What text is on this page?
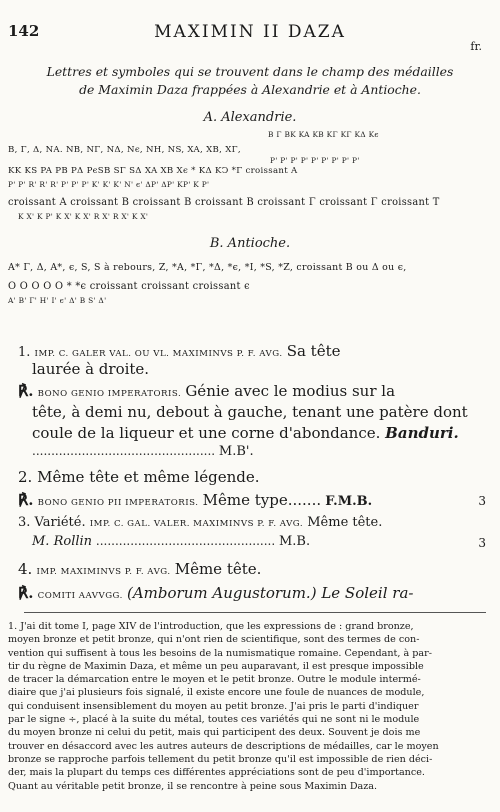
142	MAXIMIN II DAZA
fr.
Lettres et symboles qui se trouvent dans le champ des médailles
de Maximin Daza frappées à Alexandrie et à Antioche.
A. Alexandrie.
B Γ BK KA KB KΓ KΓ KΔ Kϵ
B, Γ, Δ, NA. NB, NΓ, NΔ, Nϵ, NH, NS, XA, XB, XΓ,
P' P' P' P' P' P' P' P' P'
KK KS PA PB PΔ PϵSB SΓ SΔ XA XB Xϵ * KΔ KϽ *Γ croissant A
P' P' R' R' R' P' P' P' K' K' K' N' ϵ' ΔP' ΔP' KP' K P'
croissant A croissant B croissant B croissant B croissant Γ croissant Γ croissant T
K X' K P' K X' K X' R X' R X' K X'
B. Antioche.
A* Γ, Δ, A*, ϵ, S, S à rebours, Z, *A, *Γ, *Δ, *ϵ, *I, *S, *Z, croissant B ou Δ ou ϵ,
O O O O O * *ϵ croissant croissant croissant ϵ
A' B' Γ' H' I' ϵ' Δ' B S' Δ'
1. IMP. C. GALER VAL. OU VL. MAXIMINVS P. F. AVG. Sa tête
laurée à droite.
℟. BONO GENIO IMPERATORIS. Génie avec le modius sur la
tête, à demi nu, debout à gauche, tenant une patère dont
coule de la liqueur et une corne d'abondance. Banduri.
................................................ M.B'.
2. Même tête et même légende.
℟. BONO GENIO PII IMPERATORIS. Même type....... F.M.B.	3
3. Variété. IMP. C. GAL. VALER. MAXIMINVS P. F. AVG. Même tête.
M. Rollin ............................................... M.B.	3
4. IMP. MAXIMINVS P. F. AVG. Même tête.
℟. COMITI AAVVGG. (Amborum Augustorum.) Le Soleil ra-
1. J'ai dit tome I, page XIV de l'introduction, que les expressions de : grand bronze,
moyen bronze et petit bronze, qui n'ont rien de scientifique, sont des termes de con-
vention qui suffisent à tous les besoins de la numismatique romaine. Cependant, à par-
tir du règne de Maximin Daza, et même un peu auparavant, il est presque impossible
de tracer la démarcation entre le moyen et le petit bronze. Outre le module intermé-
diaire que j'ai plusieurs fois signalé, il existe encore une foule de nuances de module,
qui conduisent insensiblement du moyen au petit bronze. J'ai pris le parti d'indiquer
par le signe ÷, placé à la suite du métal, toutes ces variétés qui ne sont ni le module
du moyen bronze ni celui du petit, mais qui participent des deux. Souvent je dois me
trouver en désaccord avec les autres auteurs de descriptions de médailles, car le moyen
bronze se rapproche parfois tellement du petit bronze qu'il est impossible de rien déci-
der, mais la plupart du temps ces différentes appréciations sont de peu d'importance.
Quant au véritable petit bronze, il se rencontre à peine sous Maximin Daza.
